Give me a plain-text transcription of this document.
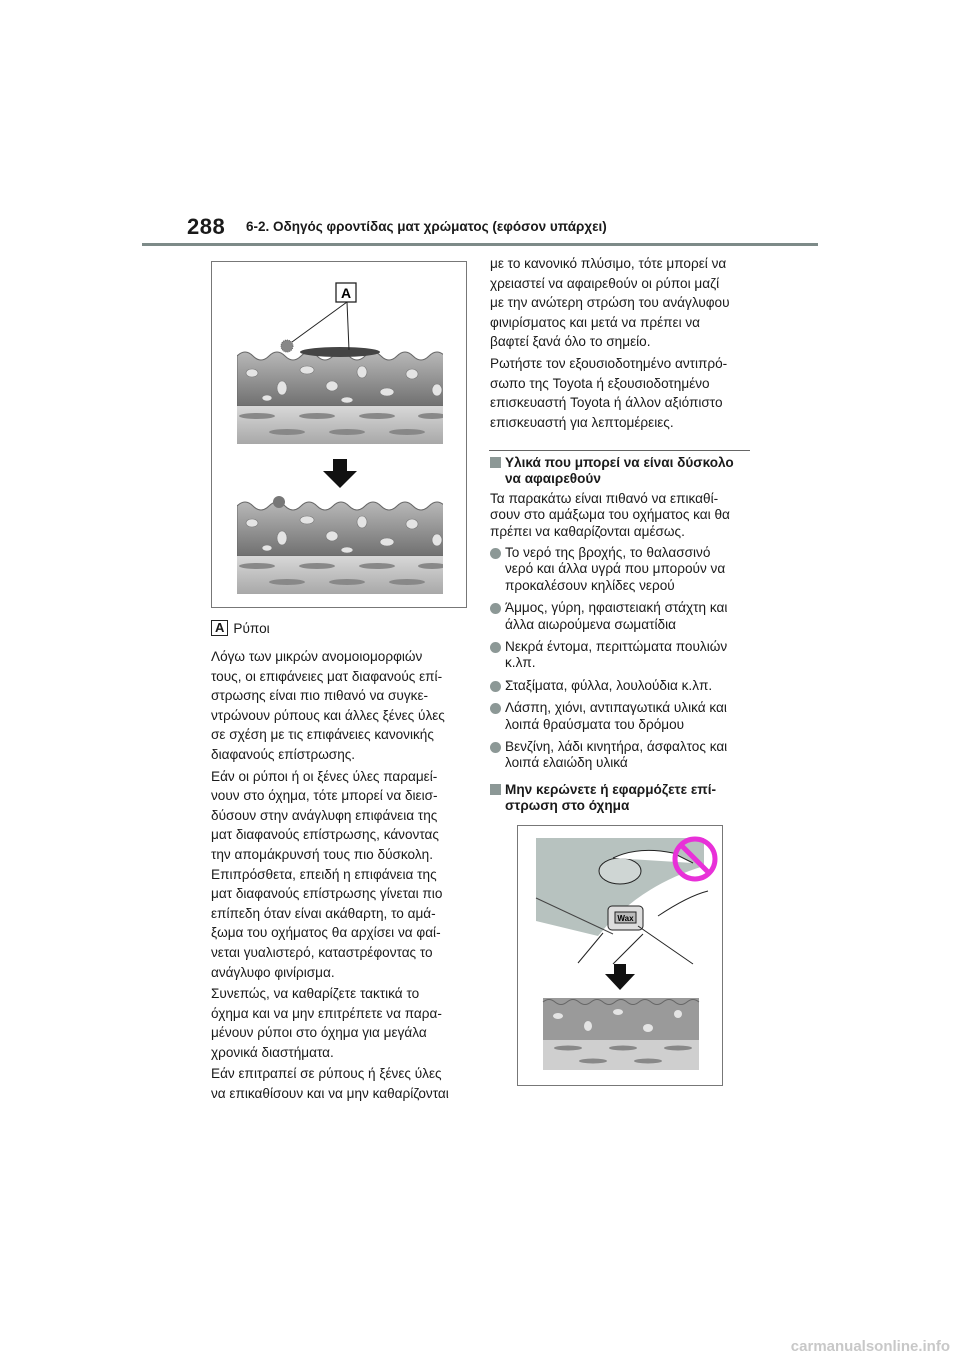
288 6-2. Οδηγός φροντίδας ματ χρώματος (εφόσον υπάρχει)
A
A Ρύποι
Λόγω των μικρών ανομοιομορφιών
τους, οι επιφάνειες ματ διαφανούς επί-
στρωσης είναι πιο πιθανό να συγκε-
ντρώνουν ρύπους και άλλες ξένες ύλες
σε σχέση με τις επιφάνειες κανονικής
διαφανούς επίστρωσης.
Εάν οι ρύποι ή οι ξένες ύλες παραμεί-
νουν στο όχημα, τότε μπορεί να διεισ-
δύσουν στην ανάγλυφη επιφάνεια της
ματ διαφανούς επίστρωσης, κάνοντας
την απομάκρυνσή τους πιο δύσκολη.
Επιπρόσθετα, επειδή η επιφάνεια της
ματ διαφανούς επίστρωσης γίνεται πιο
επίπεδη όταν είναι ακάθαρτη, το αμά-
ξωμα του οχήματος θα αρχίσει να φαί-
νεται γυαλιστερό, καταστρέφοντας το
ανάγλυφο φινίρισμα.
Συνεπώς, να καθαρίζετε τακτικά το
όχημα και να μην επιτρέπετε να παρα-
μένουν ρύποι στο όχημα για μεγάλα
χρονικά διαστήματα.
Εάν επιτραπεί σε ρύπους ή ξένες ύλες
να επικαθίσουν και να μην καθαρίζονται
με το κανονικό πλύσιμο, τότε μπορεί να
χρειαστεί να αφαιρεθούν οι ρύποι μαζί
με την ανώτερη στρώση του ανάγλυφου
φινιρίσματος και μετά να πρέπει να
βαφτεί ξανά όλο το σημείο.
Ρωτήστε τον εξουσιοδοτημένο αντιπρό-
σωπο της Toyota ή εξουσιοδοτημένο
επισκευαστή Toyota ή άλλον αξιόπιστο
επισκευαστή για λεπτομέρειες.
Υλικά που μπορεί να είναι δύσκολο
να αφαιρεθούν
Τα παρακάτω είναι πιθανό να επικαθί-
σουν στο αμάξωμα του οχήματος και θα
πρέπει να καθαρίζονται αμέσως.
Το νερό της βροχής, το θαλασσινό
νερό και άλλα υγρά που μπορούν να
προκαλέσουν κηλίδες νερού
Άμμος, γύρη, ηφαιστειακή στάχτη και
άλλα αιωρούμενα σωματίδια
Νεκρά έντομα, περιττώματα πουλιών
κ.λπ.
Σταξίματα, φύλλα, λουλούδια κ.λπ.
Λάσπη, χιόνι, αντιπαγωτικά υλικά και
λοιπά θραύσματα του δρόμου
Βενζίνη, λάδι κινητήρα, άσφαλτος και
λοιπά ελαιώδη υλικά
Μην κερώνετε ή εφαρμόζετε επί-
στρωση στο όχημα
Wax
carmanualsonline.info
